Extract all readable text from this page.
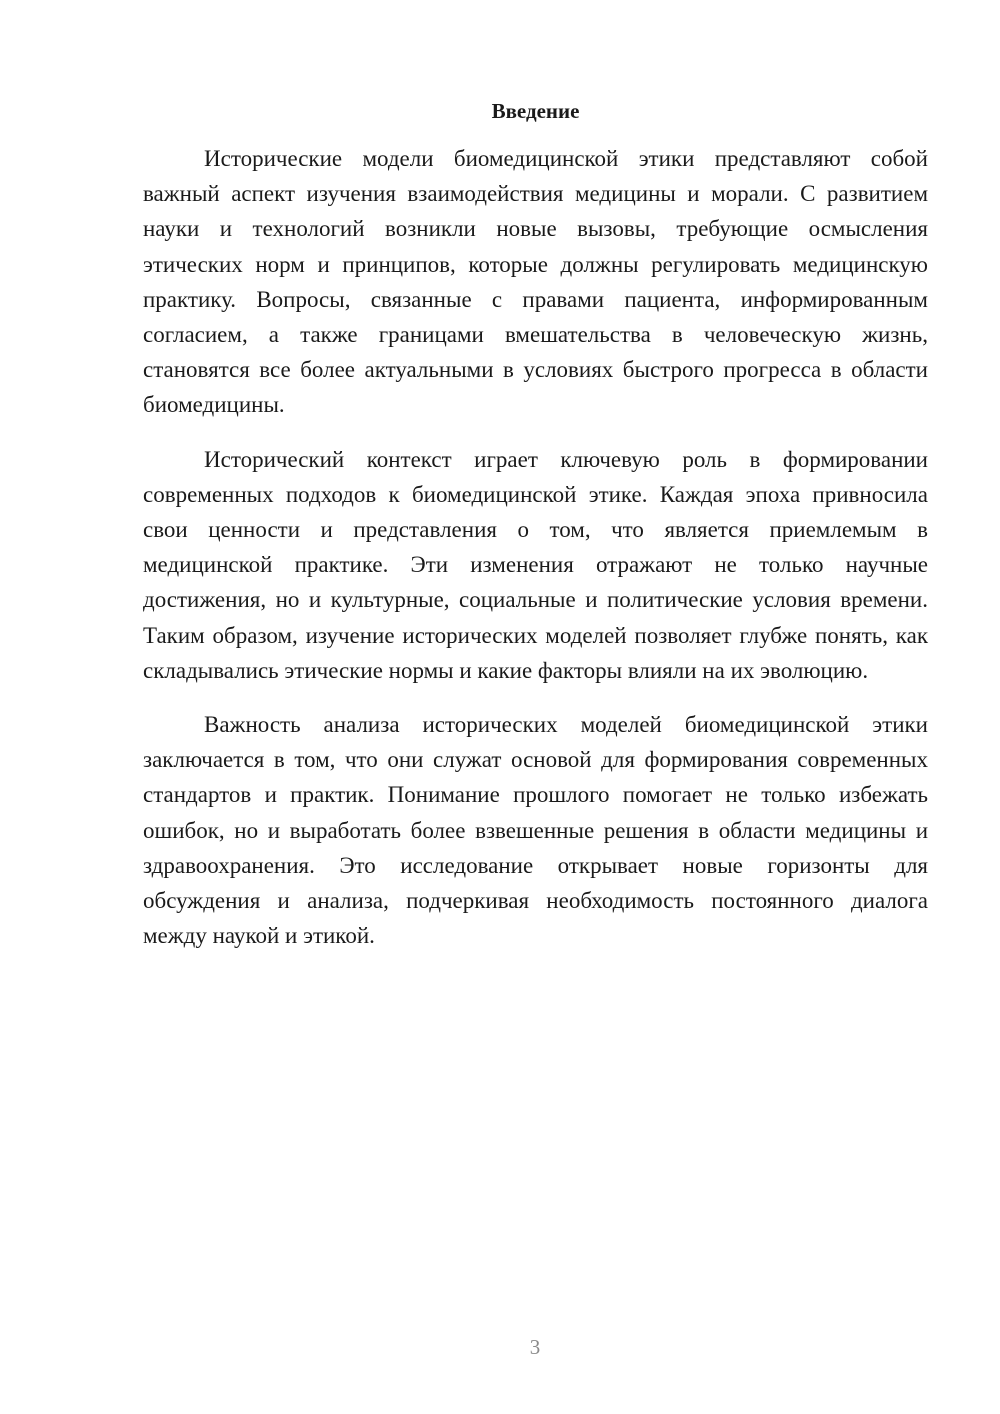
Введение

Исторические модели биомедицинской этики представляют собой важный аспект изучения взаимодействия медицины и морали. С развитием науки и технологий возникли новые вызовы, требующие осмысления этических норм и принципов, которые должны регулировать медицинскую практику. Вопросы, связанные с правами пациента, информированным согласием, а также границами вмешательства в человеческую жизнь, становятся все более актуальными в условиях быстрого прогресса в области биомедицины.

Исторический контекст играет ключевую роль в формировании современных подходов к биомедицинской этике. Каждая эпоха привносила свои ценности и представления о том, что является приемлемым в медицинской практике. Эти изменения отражают не только научные достижения, но и культурные, социальные и политические условия времени. Таким образом, изучение исторических моделей позволяет глубже понять, как складывались этические нормы и какие факторы влияли на их эволюцию.

Важность анализа исторических моделей биомедицинской этики заключается в том, что они служат основой для формирования современных стандартов и практик. Понимание прошлого помогает не только избежать ошибок, но и выработать более взвешенные решения в области медицины и здравоохранения. Это исследование открывает новые горизонты для обсуждения и анализа, подчеркивая необходимость постоянного диалога между наукой и этикой.

3
